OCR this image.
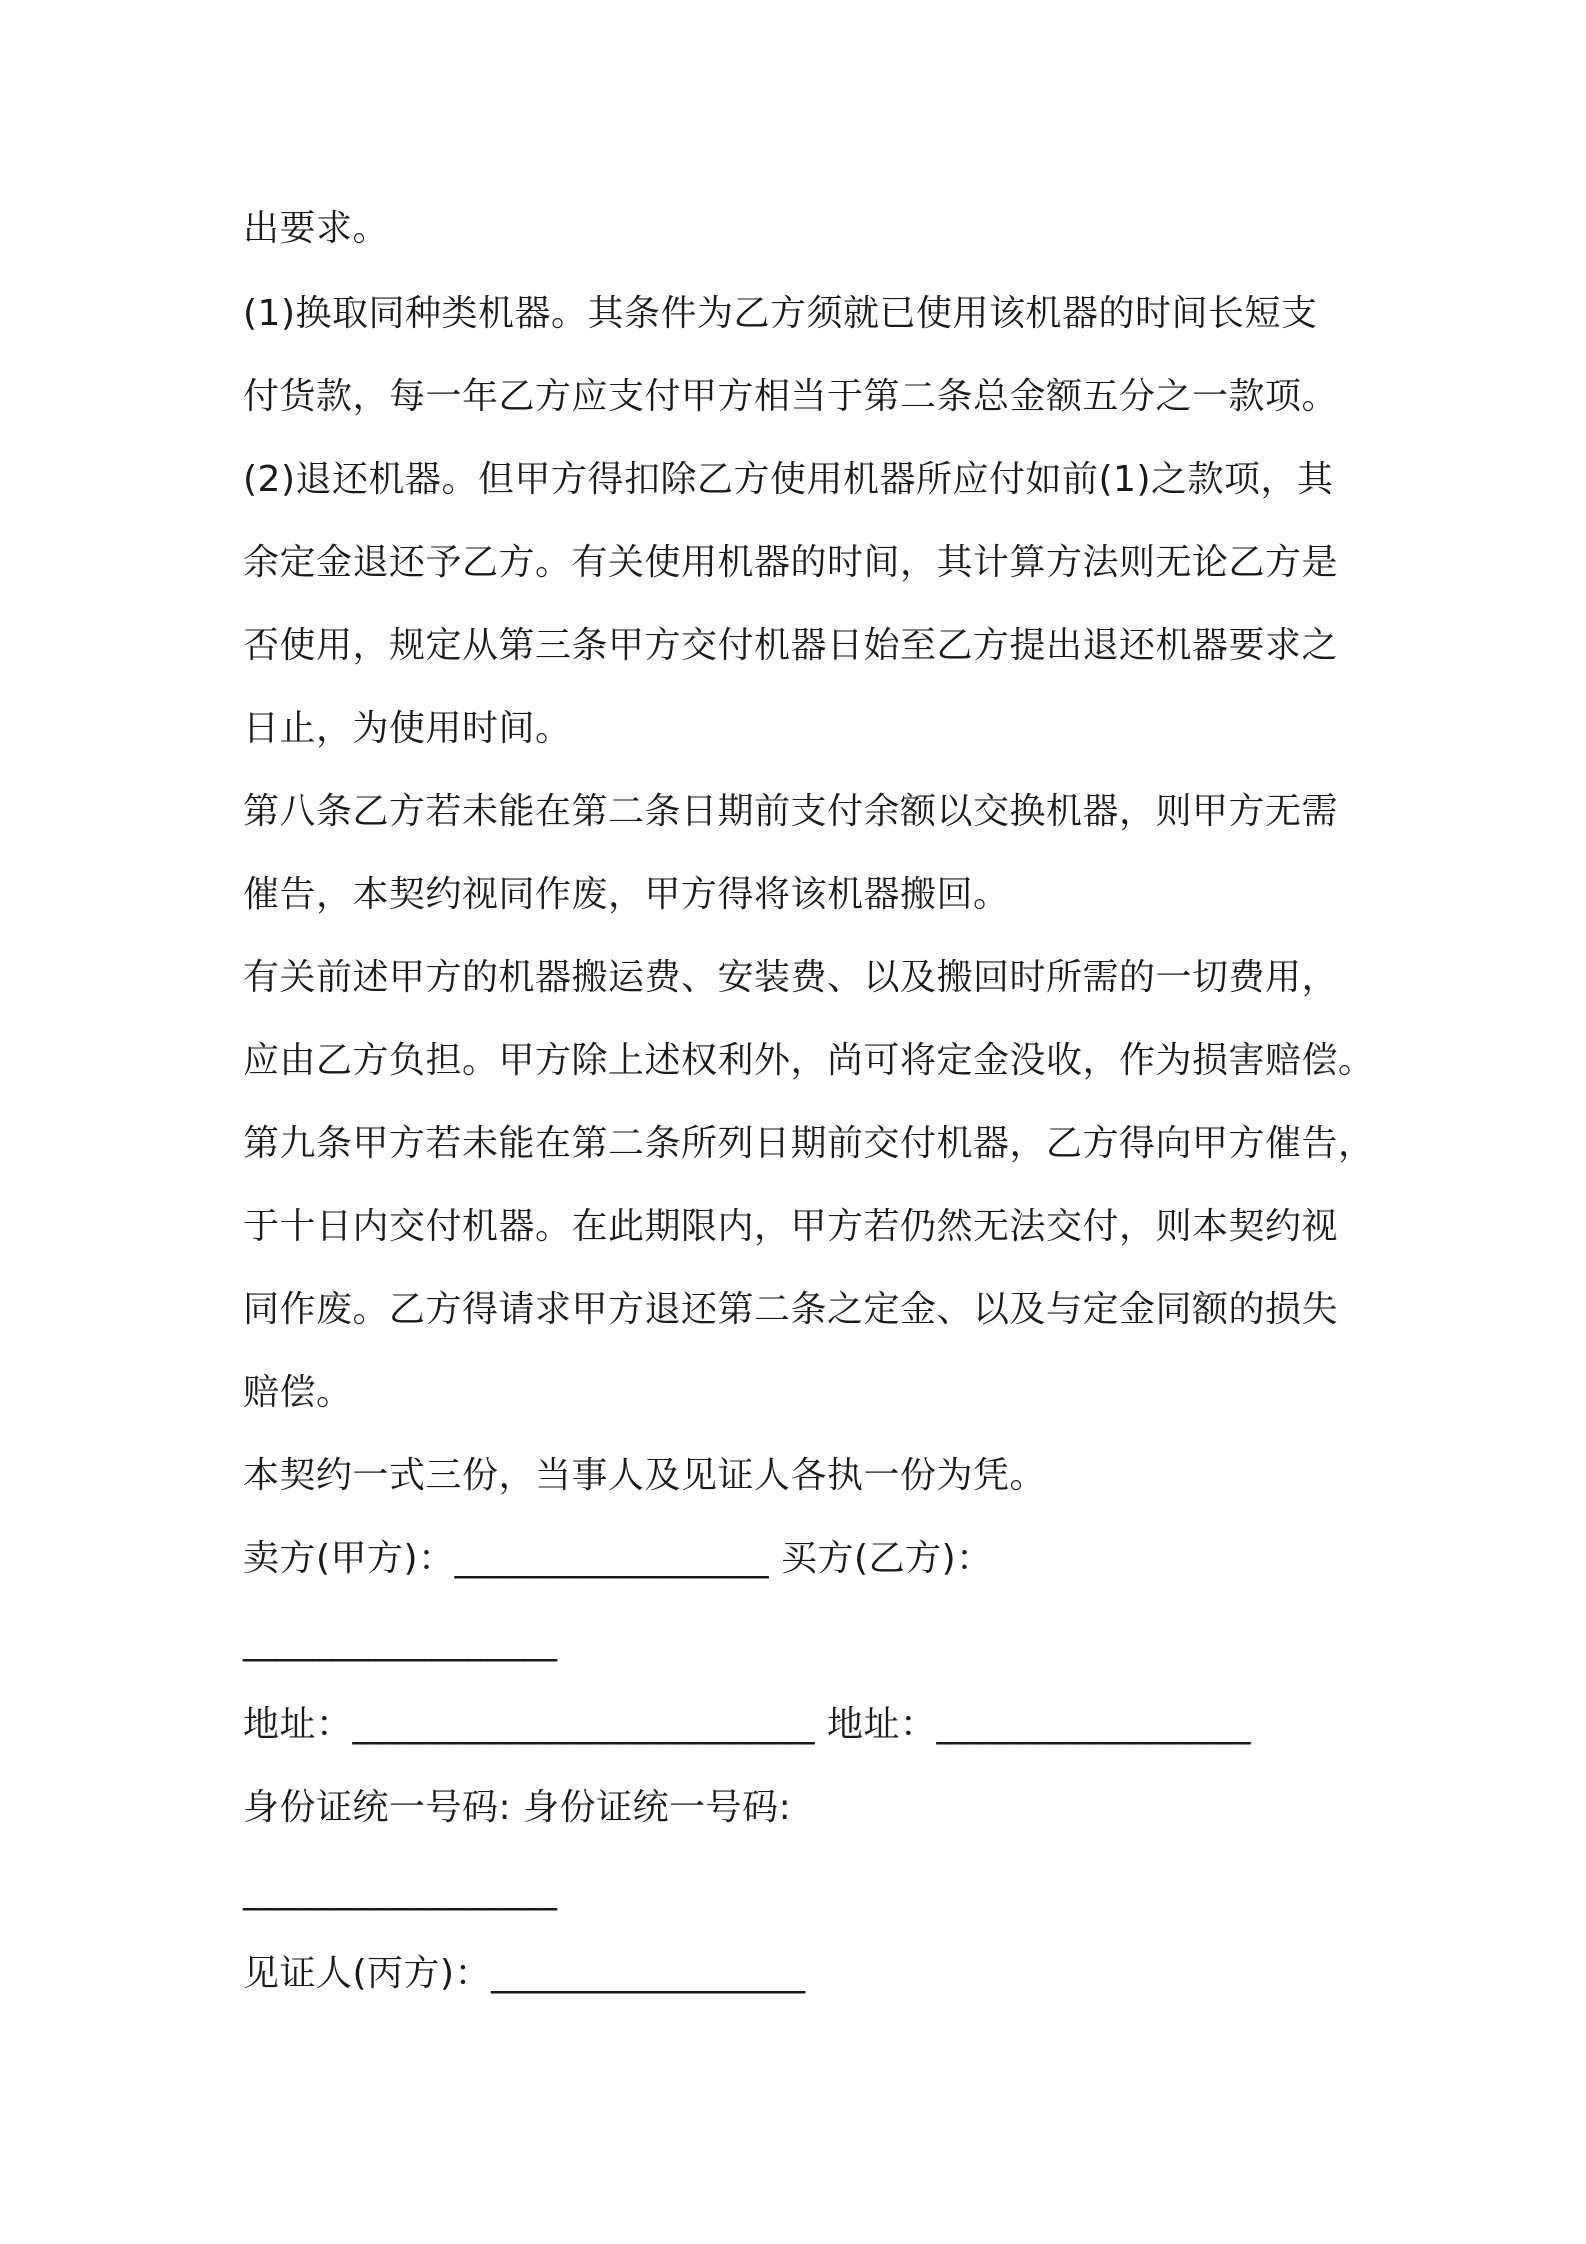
出要求。
(1)换取同种类机器。其条件为乙方须就已使用该机器的时间长短支
付货款，每一年乙方应支付甲方相当于第二条总金额五分之一款项。
(2)退还机器。但甲方得扣除乙方使用机器所应付如前(1)之款项，其
余定金退还予乙方。有关使用机器的时间，其计算方法则无论乙方是
否使用，规定从第三条甲方交付机器日始至乙方提出退还机器要求之
日止，为使用时间。
第八条乙方若未能在第二条日期前支付余额以交换机器，则甲方无需
催告，本契约视同作废，甲方得将该机器搬回。
有关前述甲方的机器搬运费、安装费、以及搬回时所需的一切费用，
应由乙方负担。甲方除上述权利外，尚可将定金没收，作为损害赔偿。
第九条甲方若未能在第二条所列日期前交付机器，乙方得向甲方催告，
于十日内交付机器。在此期限内，甲方若仍然无法交付，则本契约视
同作废。乙方得请求甲方退还第二条之定金、以及与定金同额的损失
赔偿。
本契约一式三份，当事人及见证人各执一份为凭。
卖方(甲方)：_________________ 买方(乙方)：
_________________
地址：_________________________ 地址：_________________
身份证统一号码: 身份证统一号码:
_________________
见证人(丙方)：_________________
